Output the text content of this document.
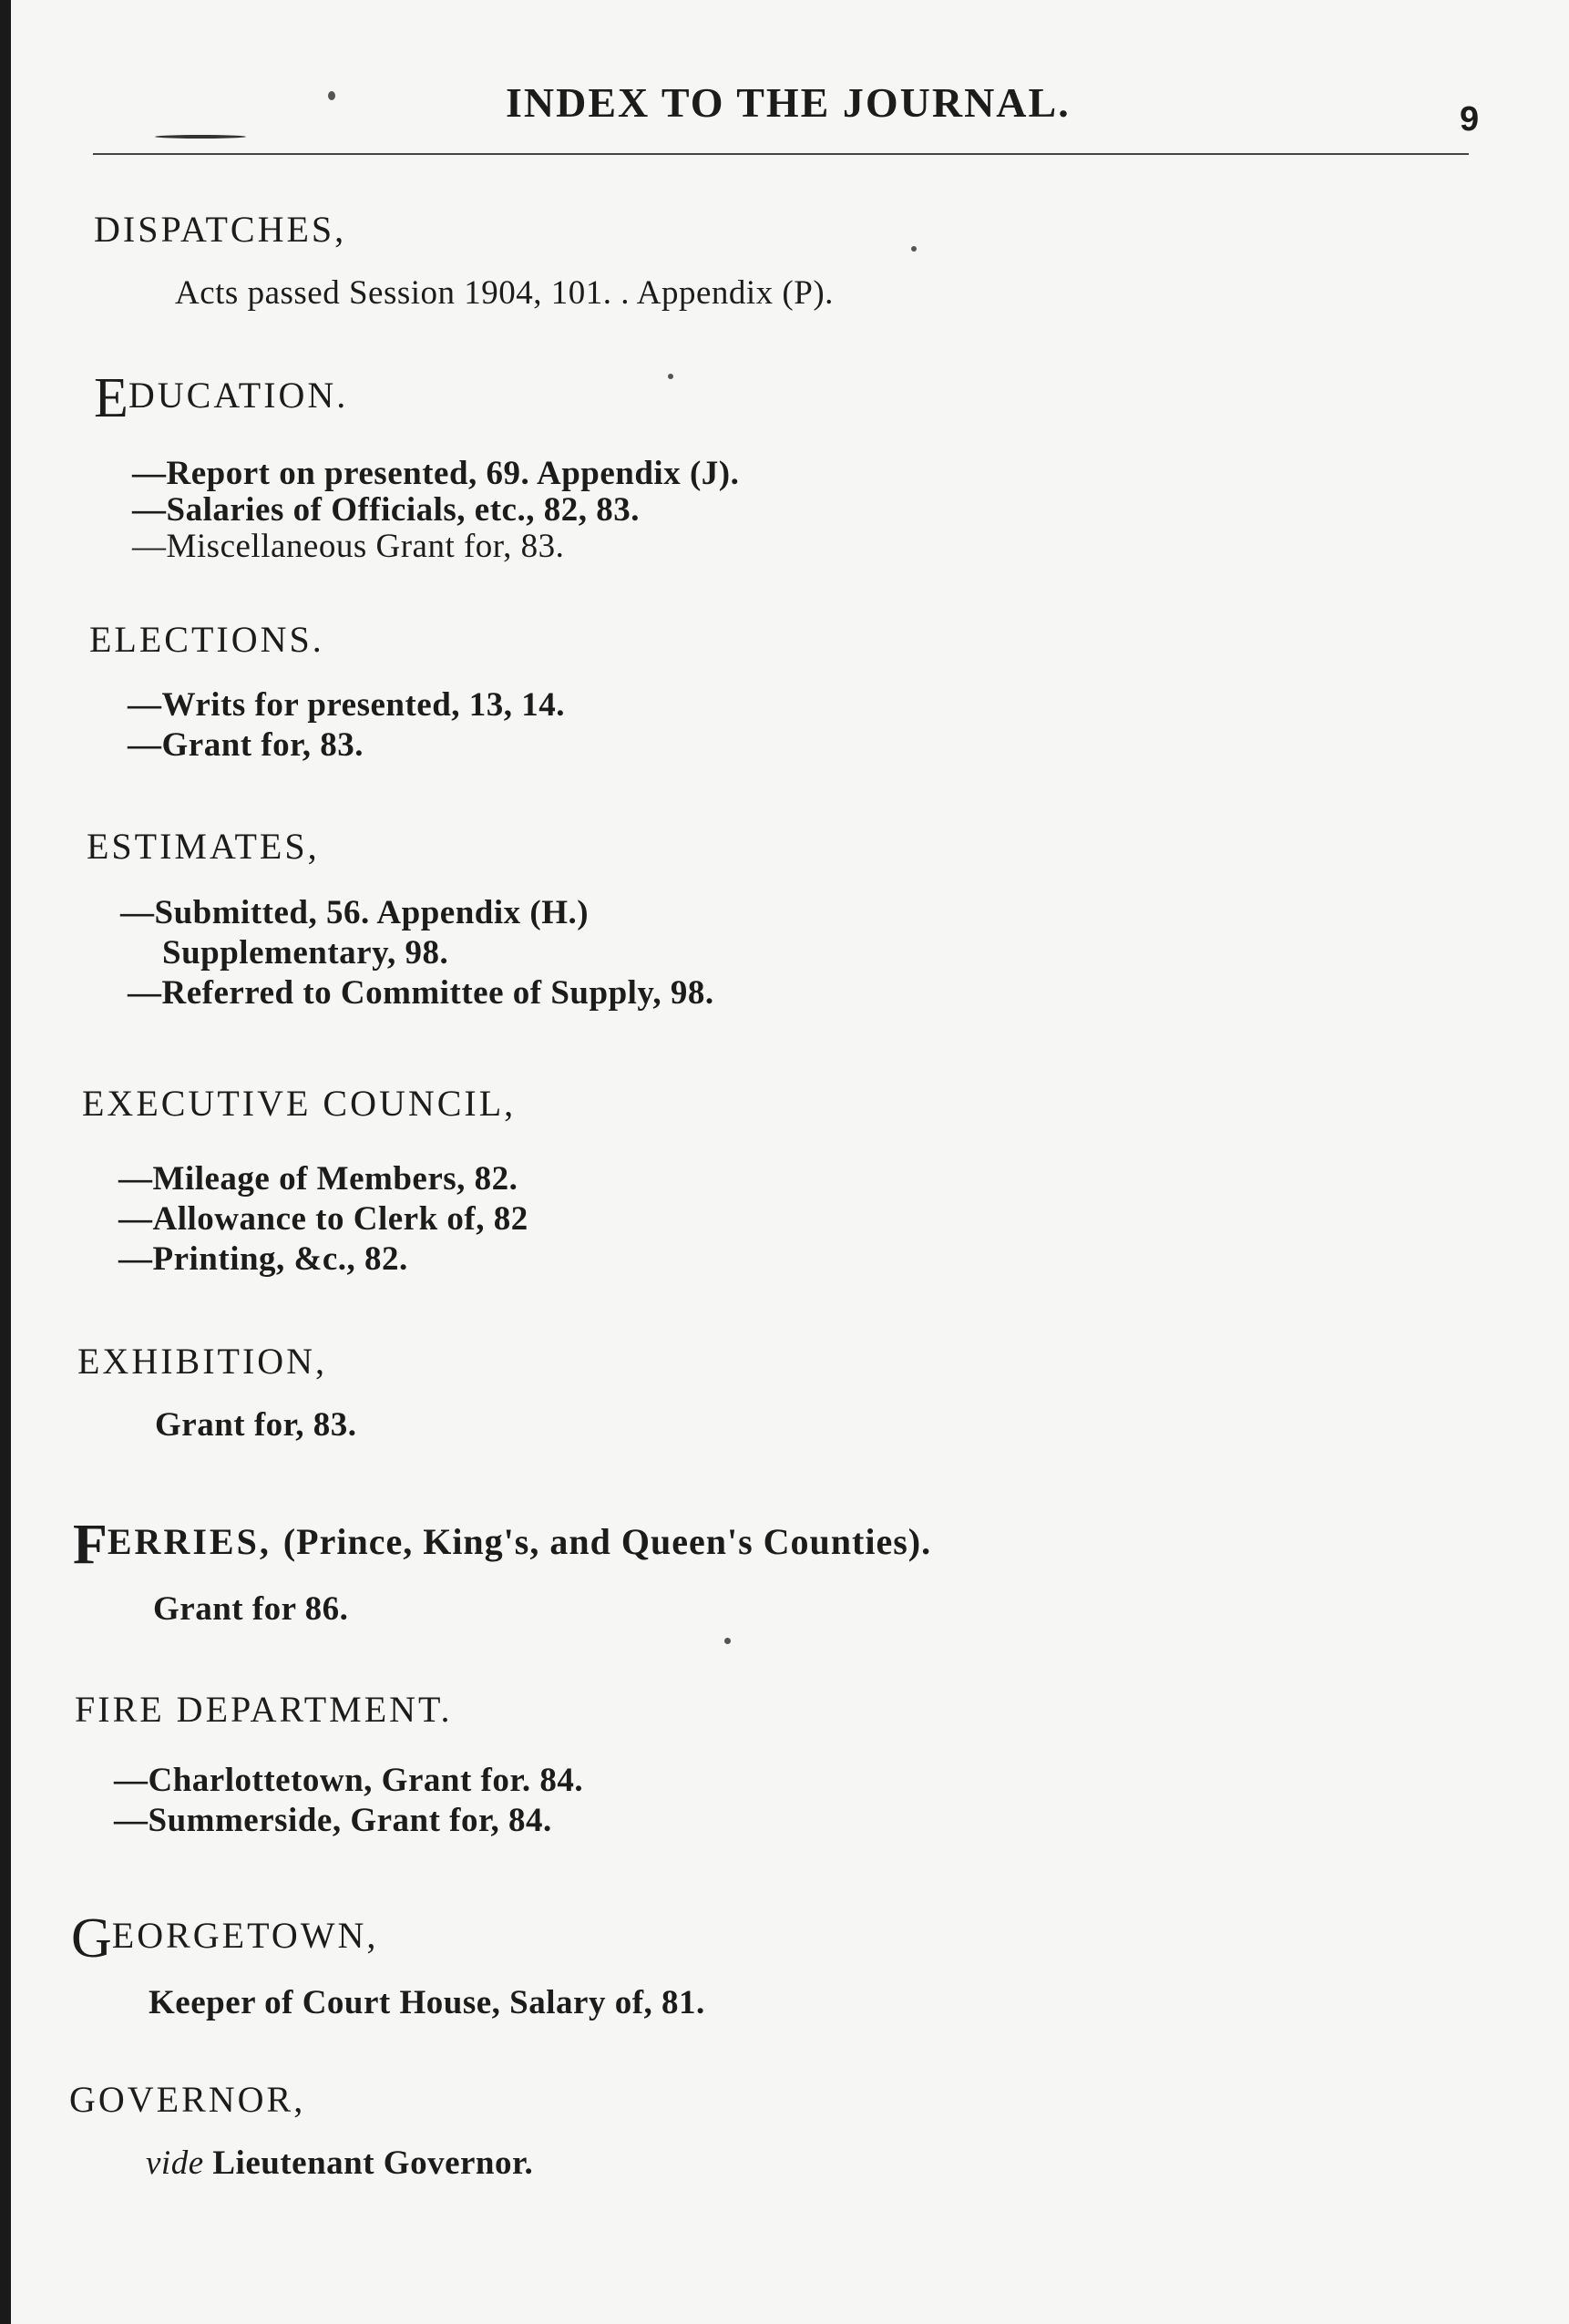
INDEX TO THE JOURNAL.	9
DISPATCHES,
Acts passed Session 1904, 101. . Appendix (P).
EDUCATION.
—Report on presented, 69. Appendix (J).
—Salaries of Officials, etc., 82, 83.
—Miscellaneous Grant for, 83.
ELECTIONS.
—Writs for presented, 13, 14.
—Grant for, 83.
ESTIMATES,
—Submitted, 56. Appendix (H.)
Supplementary, 98.
—Referred to Committee of Supply, 98.
EXECUTIVE COUNCIL,
—Mileage of Members, 82.
—Allowance to Clerk of, 82
—Printing, &c., 82.
EXHIBITION,
Grant for, 83.
FERRIES, (Prince, King's, and Queen's Counties).
Grant for 86.
FIRE DEPARTMENT.
—Charlottetown, Grant for. 84.
—Summerside, Grant for, 84.
GEORGETOWN,
Keeper of Court House, Salary of, 81.
GOVERNOR,
vide Lieutenant Governor.
